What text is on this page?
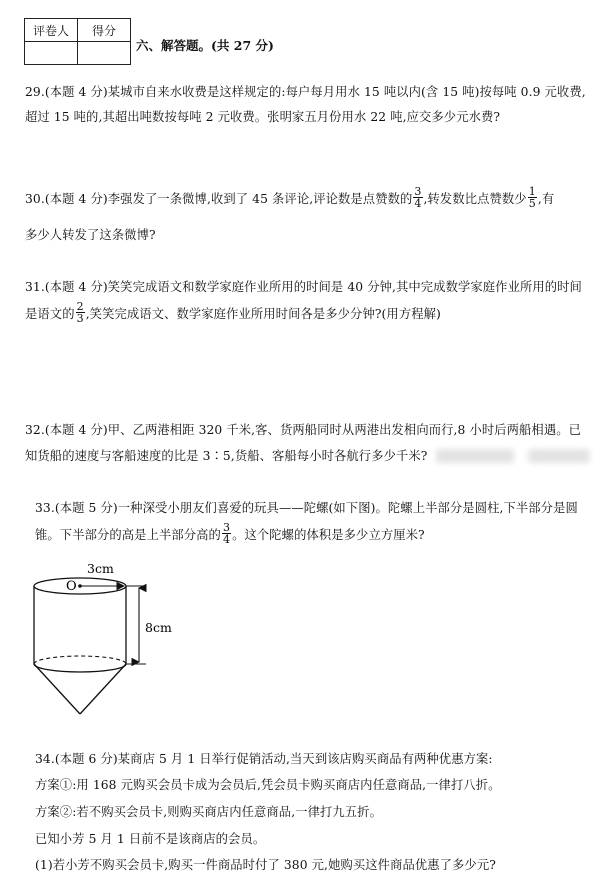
评卷人	得分

六、解答题。(共 27 分)
29.(本题 4 分)某城市自来水收费是这样规定的:每户每月用水 15 吨以内(含 15 吨)按每吨 0.9 元收费,
超过 15 吨的,其超出吨数按每吨 2 元收费。张明家五月份用水 22 吨,应交多少元水费?
30.(本题 4 分)李强发了一条微博,收到了 45 条评论,评论数是点赞数的 $\frac{3}{4}$ ,转发数比点赞数少 $\frac{1}{5}$ ,有
多少人转发了这条微博?
31.(本题 4 分)笑笑完成语文和数学家庭作业所用的时间是 40 分钟,其中完成数学家庭作业所用的时间
是语文的 $\frac{2}{3}$ ,笑笑完成语文、数学家庭作业所用时间各是多少分钟?(用方程解)
32.(本题 4 分)甲、乙两港相距 320 千米,客、货两船同时从两港出发相向而行,8 小时后两船相遇。已
知货船的速度与客船速度的比是 3∶5,货船、客船每小时各航行多少千米?
33.(本题 5 分)一种深受小朋友们喜爱的玩具——陀螺(如下图)。陀螺上半部分是圆柱,下半部分是圆
锥。下半部分的高是上半部分高的 $\frac{3}{4}$ 。这个陀螺的体积是多少立方厘米?
O
3cm
8cm
34.(本题 6 分)某商店 5 月 1 日举行促销活动,当天到该店购买商品有两种优惠方案:
方案①:用 168 元购买会员卡成为会员后,凭会员卡购买商店内任意商品,一律打八折。
方案②:若不购买会员卡,则购买商店内任意商品,一律打九五折。
已知小芳 5 月 1 日前不是该商店的会员。
(1)若小芳不购买会员卡,购买一件商品时付了 380 元,她购买这件商品优惠了多少元?
